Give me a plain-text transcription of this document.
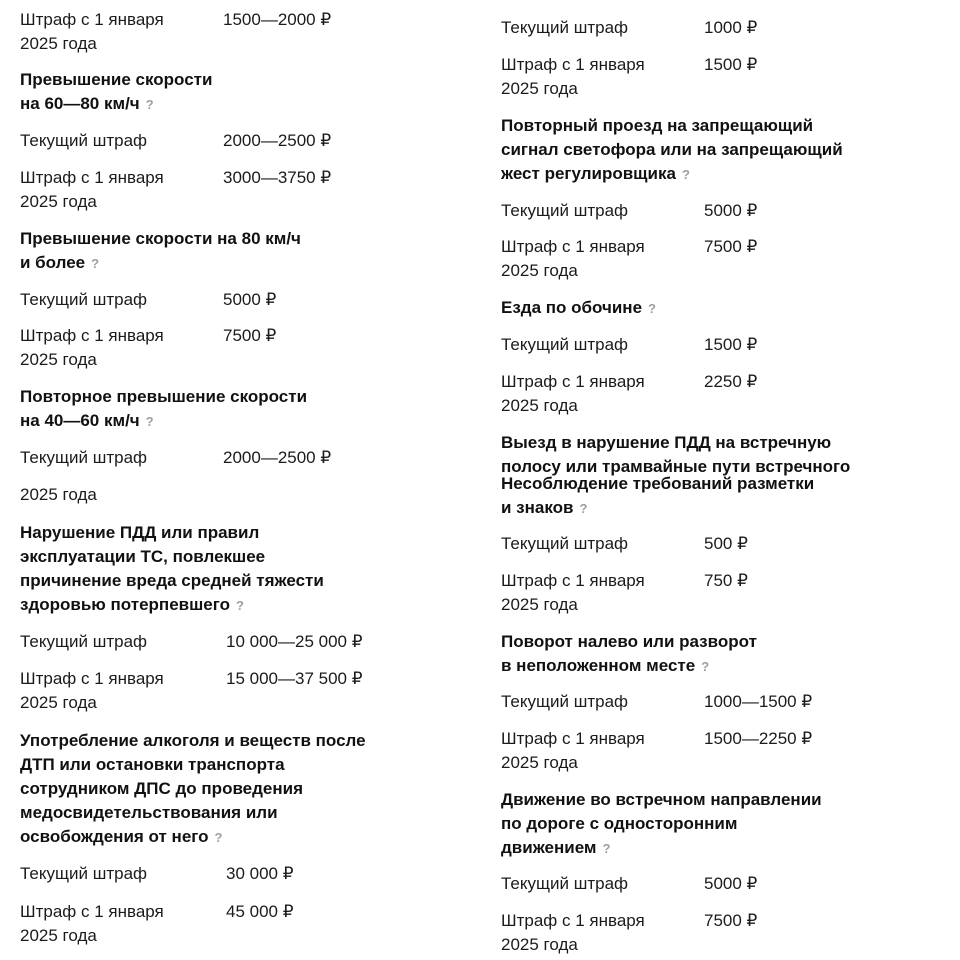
Штраф с 1 января	1500—2000 ₽
2025 года
Превышение скорости
на 60—80 км/ч ?
Текущий штраф	2000—2500 ₽
Штраф с 1 января	3000—3750 ₽
2025 года
Превышение скорости на 80 км/ч
и более ?
Текущий штраф	5000 ₽
Штраф с 1 января	7500 ₽
2025 года
Повторное превышение скорости
на 40—60 км/ч ?
Текущий штраф	2000—2500 ₽
2025 года
Нарушение ПДД или правил
эксплуатации ТС, повлекшее
причинение вреда средней тяжести
здоровью потерпевшего ?
Текущий штраф	10 000—25 000 ₽
Штраф с 1 января	15 000—37 500 ₽
2025 года
Употребление алкоголя и веществ после
ДТП или остановки транспорта
сотрудником ДПС до проведения
медосвидетельствования или
освобождения от него ?
Текущий штраф	30 000 ₽
Штраф с 1 января	45 000 ₽
2025 года
Текущий штраф	1000 ₽
Штраф с 1 января	1500 ₽
2025 года
Повторный проезд на запрещающий
сигнал светофора или на запрещающий
жест регулировщика ?
Текущий штраф	5000 ₽
Штраф с 1 января	7500 ₽
2025 года
Езда по обочине ?
Текущий штраф	1500 ₽
Штраф с 1 января	2250 ₽
2025 года
Выезд в нарушение ПДД на встречную
полосу или трамвайные пути встречного
Несоблюдение требований разметки
и знаков ?
Текущий штраф	500 ₽
Штраф с 1 января	750 ₽
2025 года
Поворот налево или разворот
в неположенном месте ?
Текущий штраф	1000—1500 ₽
Штраф с 1 января	1500—2250 ₽
2025 года
Движение во встречном направлении
по дороге с односторонним
движением ?
Текущий штраф	5000 ₽
Штраф с 1 января	7500 ₽
2025 года
